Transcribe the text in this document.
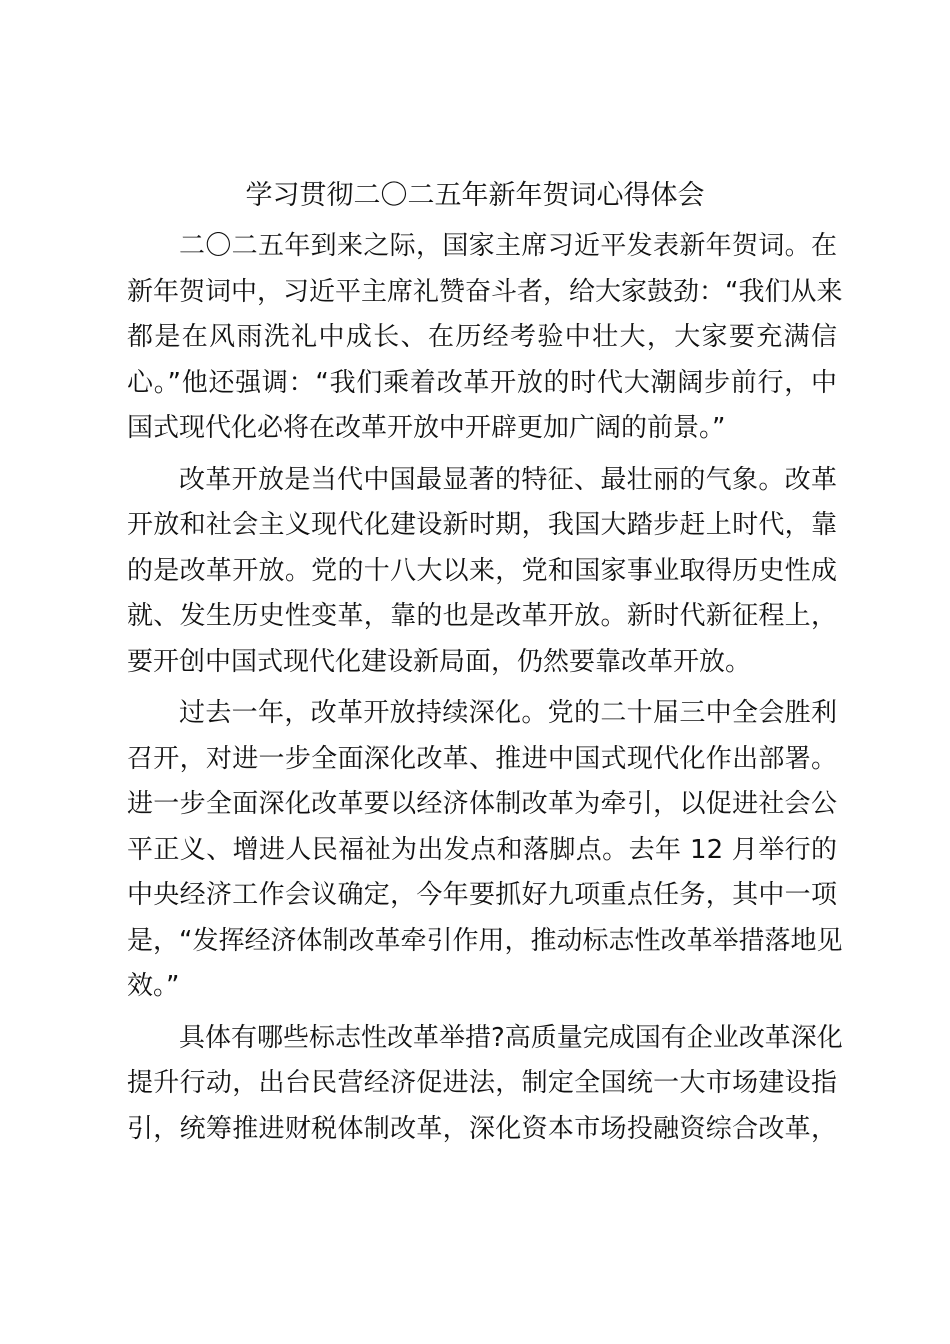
学习贯彻二〇二五年新年贺词心得体会

二〇二五年到来之际，国家主席习近平发表新年贺词。在
新年贺词中，习近平主席礼赞奋斗者，给大家鼓劲：“我们从来
都是在风雨洗礼中成长、在历经考验中壮大，大家要充满信
心。”他还强调：“我们乘着改革开放的时代大潮阔步前行，中
国式现代化必将在改革开放中开辟更加广阔的前景。”

改革开放是当代中国最显著的特征、最壮丽的气象。改革
开放和社会主义现代化建设新时期，我国大踏步赶上时代，靠
的是改革开放。党的十八大以来，党和国家事业取得历史性成
就、发生历史性变革，靠的也是改革开放。新时代新征程上，
要开创中国式现代化建设新局面，仍然要靠改革开放。

过去一年，改革开放持续深化。党的二十届三中全会胜利
召开，对进一步全面深化改革、推进中国式现代化作出部署。
进一步全面深化改革要以经济体制改革为牵引，以促进社会公
平正义、增进人民福祉为出发点和落脚点。去年 12 月举行的
中央经济工作会议确定，今年要抓好九项重点任务，其中一项
是，“发挥经济体制改革牵引作用，推动标志性改革举措落地见
效。”

具体有哪些标志性改革举措?高质量完成国有企业改革深化
提升行动，出台民营经济促进法，制定全国统一大市场建设指
引，统筹推进财税体制改革，深化资本市场投融资综合改革，
